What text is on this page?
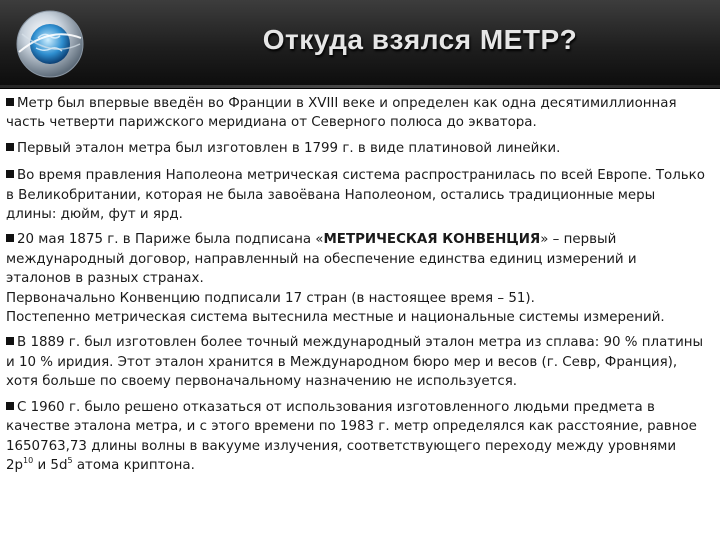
Откуда взялся МЕТР?
Метр был впервые введён во Франции в XVIII веке и определен как одна десятимиллионная
часть четверти парижского меридиана от Северного полюса до экватора.
Первый эталон метра был изготовлен в 1799 г. в виде платиновой линейки.
Во время правления Наполеона метрическая система распространилась по всей Европе. Только
в Великобритании, которая не была завоёвана Наполеоном, остались традиционные меры
длины: дюйм, фут и ярд.
20 мая 1875 г. в Париже была подписана «МЕТРИЧЕСКАЯ КОНВЕНЦИЯ» – первый
международный договор, направленный на обеспечение единства единиц измерений и
эталонов в разных странах.
Первоначально Конвенцию подписали 17 стран (в настоящее время – 51).
Постепенно метрическая система вытеснила местные и национальные системы измерений.
В 1889 г. был изготовлен более точный международный эталон метра из сплава: 90 % платины
и 10 % иридия. Этот эталон хранится в Международном бюро мер и весов (г. Севр, Франция),
хотя больше по своему первоначальному назначению не используется.
С 1960 г. было решено отказаться от использования изготовленного людьми предмета в
качестве эталона метра, и с этого времени по 1983 г. метр определялся как расстояние, равное
1650763,73 длины волны в вакууме излучения, соответствующего переходу между уровнями
$2p^{10}$ и $5d^5$ атома криптона.
